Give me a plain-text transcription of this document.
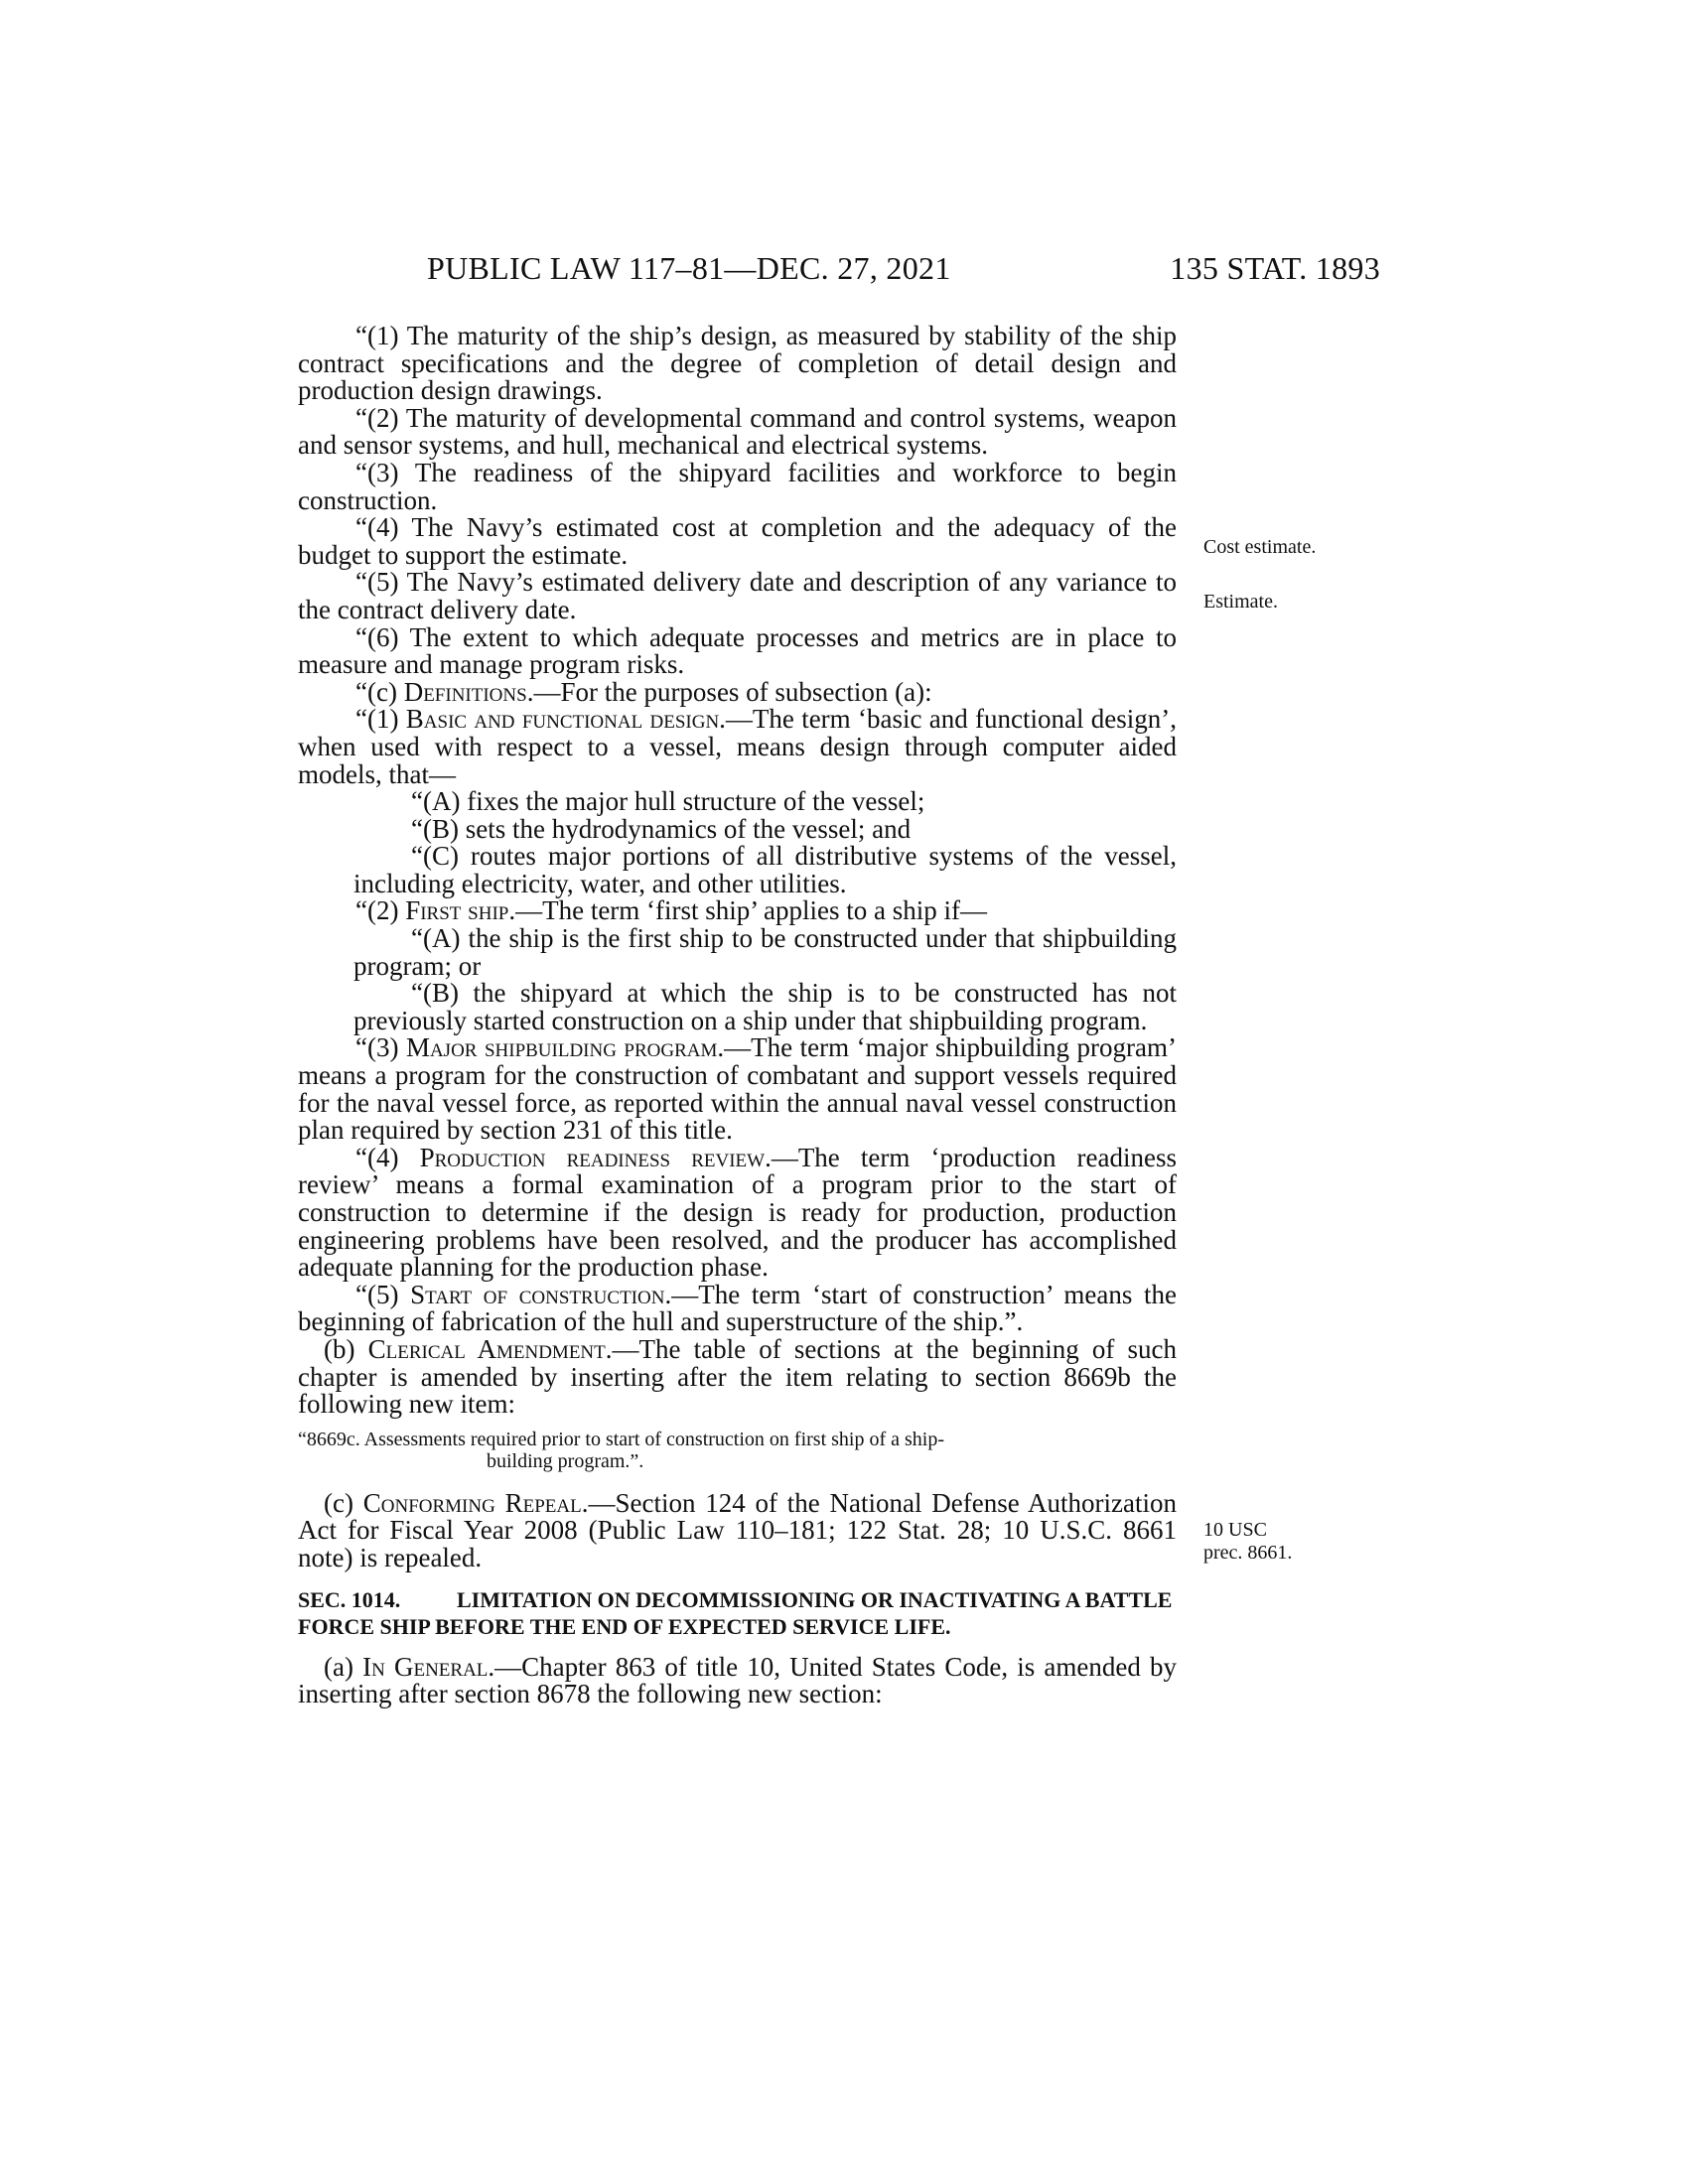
PUBLIC LAW 117–81—DEC. 27, 2021	135 STAT. 1893
Cost estimate.
Estimate.
10 USC
prec. 8661.

“(1) The maturity of the ship’s design, as measured by stability of the ship contract specifications and the degree of completion of detail design and production design drawings.

“(2) The maturity of developmental command and control systems, weapon and sensor systems, and hull, mechanical and electrical systems.

“(3) The readiness of the shipyard facilities and workforce to begin construction.

“(4) The Navy’s estimated cost at completion and the adequacy of the budget to support the estimate.

“(5) The Navy’s estimated delivery date and description of any variance to the contract delivery date.

“(6) The extent to which adequate processes and metrics are in place to measure and manage program risks.

“(c) Definitions.—For the purposes of subsection (a):

“(1) Basic and functional design.—The term ‘basic and functional design’, when used with respect to a vessel, means design through computer aided models, that—

“(A) fixes the major hull structure of the vessel;

“(B) sets the hydrodynamics of the vessel; and

“(C) routes major portions of all distributive systems of the vessel, including electricity, water, and other utilities.

“(2) First ship.—The term ‘first ship’ applies to a ship if—

“(A) the ship is the first ship to be constructed under that shipbuilding program; or

“(B) the shipyard at which the ship is to be constructed has not previously started construction on a ship under that shipbuilding program.

“(3) Major shipbuilding program.—The term ‘major shipbuilding program’ means a program for the construction of combatant and support vessels required for the naval vessel force, as reported within the annual naval vessel construction plan required by section 231 of this title.

“(4) Production readiness review.—The term ‘production readiness review’ means a formal examination of a program prior to the start of construction to determine if the design is ready for production, production engineering problems have been resolved, and the producer has accomplished adequate planning for the production phase.

“(5) Start of construction.—The term ‘start of construction’ means the beginning of fabrication of the hull and superstructure of the ship.”.

(b) Clerical Amendment.—The table of sections at the beginning of such chapter is amended by inserting after the item relating to section 8669b the following new item:

“8669c. Assessments required prior to start of construction on first ship of a ship-
building program.”.

(c) Conforming Repeal.—Section 124 of the National Defense Authorization Act for Fiscal Year 2008 (Public Law 110–181; 122 Stat. 28; 10 U.S.C. 8661 note) is repealed.

SEC. 1014.	LIMITATION ON DECOMMISSIONING OR INACTIVATING A BATTLE FORCE SHIP BEFORE THE END OF EXPECTED SERVICE LIFE.

(a) In General.—Chapter 863 of title 10, United States Code, is amended by inserting after section 8678 the following new section:
